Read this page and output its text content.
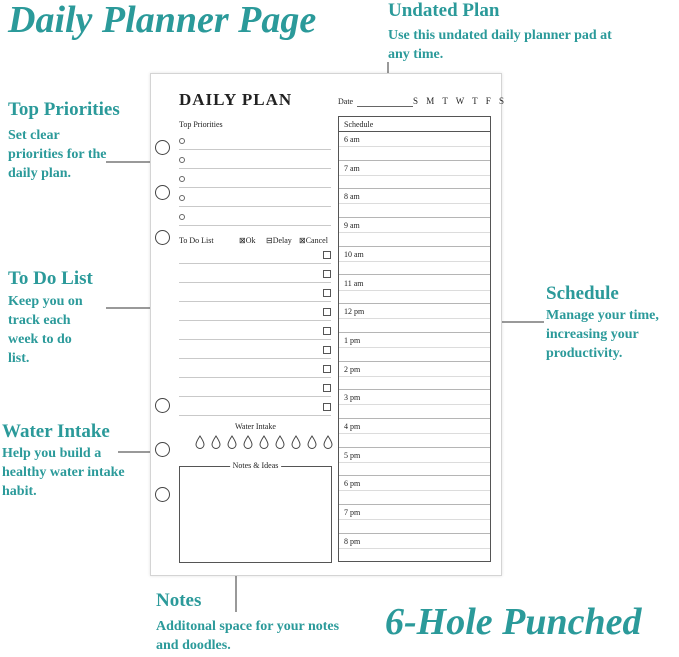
Daily Planner Page	Undated Plan
Use this undated daily planner pad at any time.
Top Priorities
Set clear priorities for the daily plan.
To Do List
Keep you on track each week to do list.
Water Intake
Help you build a healthy water intake habit.
Schedule
Manage your time, increasing your productivity.
Notes
Additonal space for your notes and doodles.
6-Hole Punched
DAILY PLAN	Date	S M T W T F S
Top Priorities
To Do List	⊠Ok ⊟Delay ⊠Cancel
Water Intake
Notes & Ideas
Schedule
6 am
7 am
8 am
9 am
10 am
11 am
12 pm
1 pm
2 pm
3 pm
4 pm
5 pm
6 pm
7 pm
8 pm
